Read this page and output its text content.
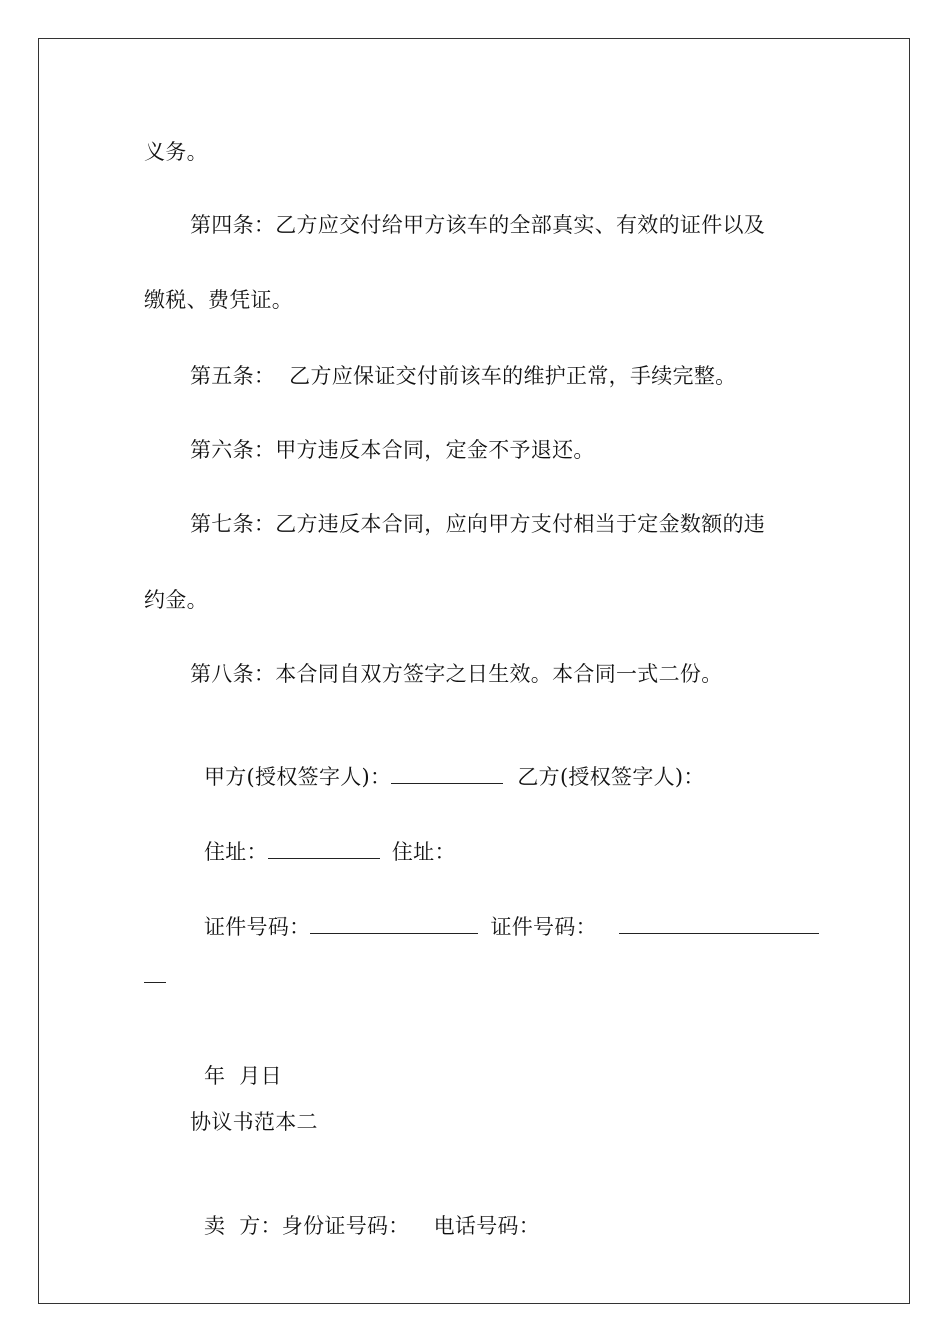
义务。
第四条：乙方应交付给甲方该车的全部真实、有效的证件以及
缴税、费凭证。
第五条：  乙方应保证交付前该车的维护正常，手续完整。
第六条：甲方违反本合同，定金不予退还。
第七条：乙方违反本合同，应向甲方支付相当于定金数额的违
约金。
第八条：本合同自双方签字之日生效。本合同一式二份。

甲方(授权签字人)：	乙方(授权签字人)：

住址：	住址：

证件号码：	证件号码：

年 月日

协议书范本二

卖  方：身份证号码： 电话号码：
